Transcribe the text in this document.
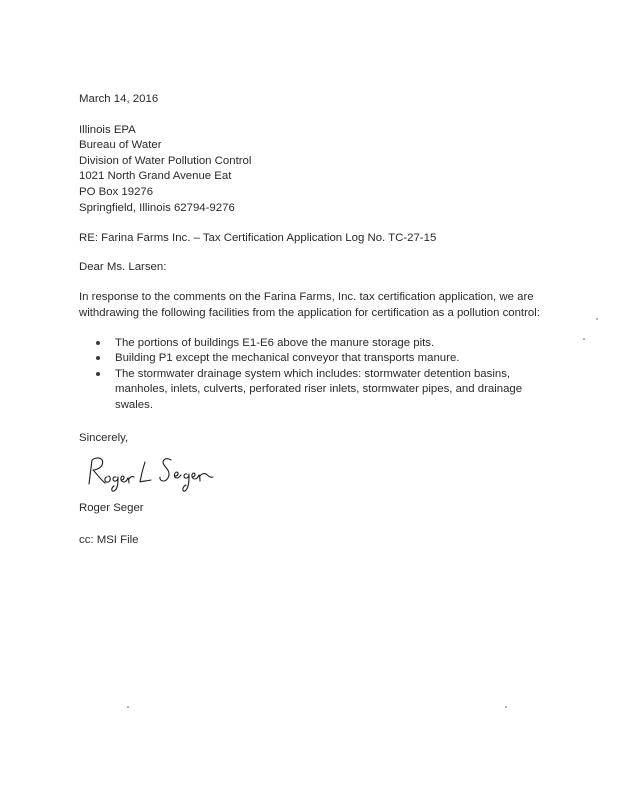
March 14, 2016
Illinois EPA
Bureau of Water
Division of Water Pollution Control
1021 North Grand Avenue Eat
PO Box 19276
Springfield, Illinois 62794-9276
RE: Farina Farms Inc. – Tax Certification Application Log No. TC-27-15
Dear Ms. Larsen:
In response to the comments on the Farina Farms, Inc. tax certification application, we are withdrawing the following facilities from the application for certification as a pollution control:
The portions of buildings E1-E6 above the manure storage pits.
Building P1 except the mechanical conveyor that transports manure.
The stormwater drainage system which includes: stormwater detention basins, manholes, inlets, culverts, perforated riser inlets, stormwater pipes, and drainage swales.
Sincerely,
Roger Seger
cc: MSI File
